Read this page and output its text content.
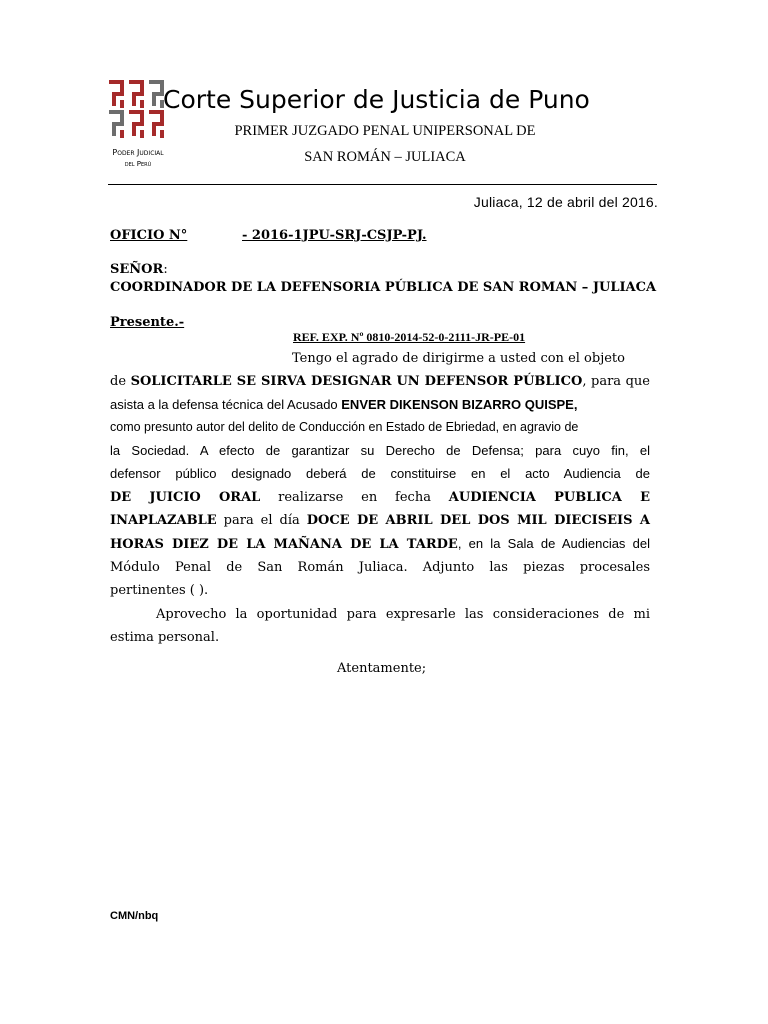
Poder Judicial
del Perú
Corte Superior de Justicia de Puno
PRIMER JUZGADO PENAL UNIPERSONAL DE
SAN ROMÁN – JULIACA
Juliaca, 12 de abril del 2016.
OFICIO N°	- 2016-1JPU-SRJ-CSJP-PJ.
SEÑOR:
COORDINADOR DE LA DEFENSORIA PÚBLICA DE SAN ROMAN – JULIACA
Presente.-
REF. EXP. Nº 0810-2014-52-0-2111-JR-PE-01
Tengo el agrado de dirigirme a usted con el objeto
de SOLICITARLE SE SIRVA DESIGNAR UN DEFENSOR PÚBLICO, para que
asista a la defensa técnica del Acusado ENVER DIKENSON BIZARRO QUISPE,
como presunto autor del delito de Conducción en Estado de Ebriedad, en agravio de
la Sociedad. A efecto de garantizar su Derecho de Defensa; para cuyo fin, el
defensor público designado deberá de constituirse en el acto Audiencia de
DE JUICIO ORAL realizarse en fecha AUDIENCIA PUBLICA E
INAPLAZABLE para el día DOCE DE ABRIL DEL DOS MIL DIECISEIS A
HORAS DIEZ DE LA MAÑANA DE LA TARDE, en la Sala de Audiencias del
Módulo Penal de San Román Juliaca. Adjunto las piezas procesales
pertinentes ( ).
Aprovecho la oportunidad para expresarle las consideraciones de mi
estima personal.
Atentamente;
CMN/nbq
